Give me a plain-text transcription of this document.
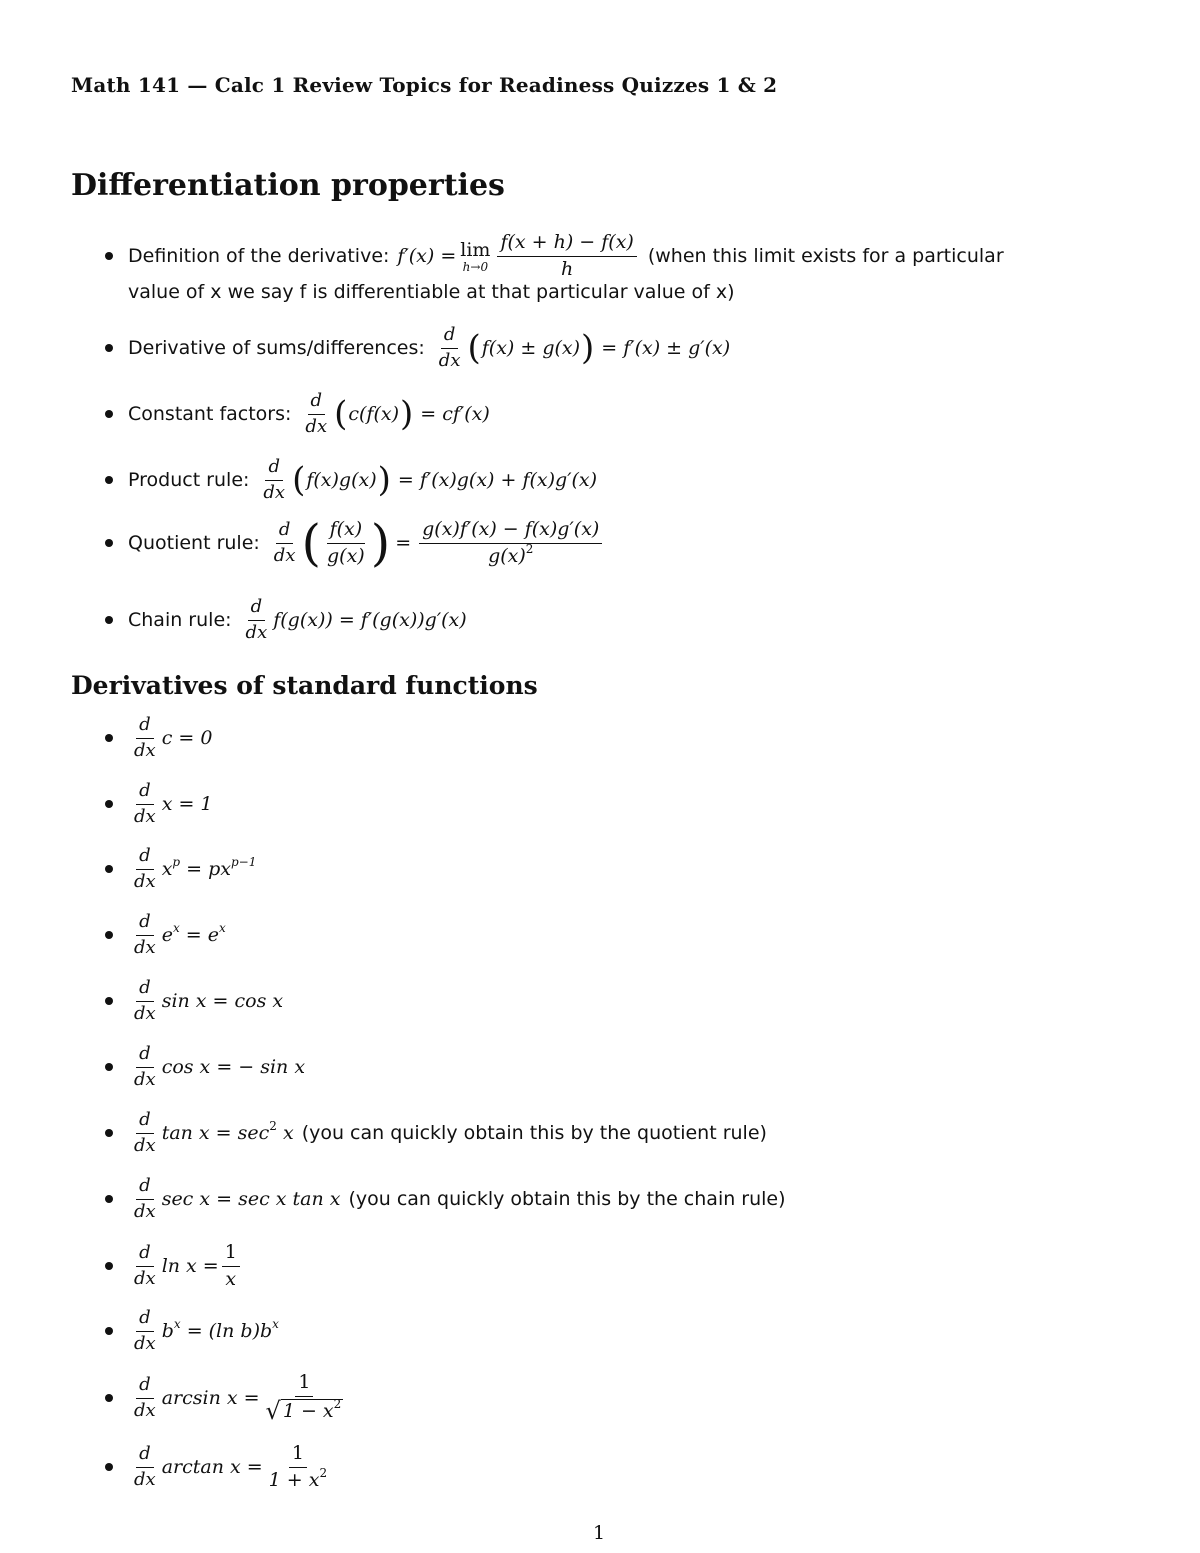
Math 141 — Calc 1 Review Topics for Readiness Quizzes 1 & 2
Differentiation properties
Definition of the derivative: f′(x) = lim
$h\to 0 \frac{f(x + h) - f(x)}{h}$ (when this limit exists for a particular
value of x we say f is differentiable at that particular value of x)
Derivative of sums/differences: $\frac{d}{dx}$ ( f(x) ± g(x) ) = f′(x) ± g′(x)
Constant factors: $\frac{d}{dx}$ ( c(f(x) ) = cf′(x)
Product rule: $\frac{d}{dx}$ ( f(x)g(x) ) = f′(x)g(x) + f(x)g′(x)
Quotient rule: $\frac{d}{dx}$ ( $\frac{f(x)}{g(x)}$ ) = $\frac{g(x)f'(x) - f(x)g'(x)}{g(x)^2}$
Chain rule: $\frac{d}{dx} f(g(x)) = f'(g(x))g'(x)$
Derivatives of standard functions
$\frac{d}{dx}$ c = 0
$\frac{d}{dx}$ x = 1
$\frac{d}{dx} x^p = px^{p-1}$
$\frac{d}{dx} e^x = e^x$
$\frac{d}{dx}$ sin x = cos x
$\frac{d}{dx}$ cos x = − sin x
$\frac{d}{dx}$ $\tan x = \sec^2 x$ (you can quickly obtain this by the quotient rule)
$\frac{d}{dx}$ sec x = sec x tan x (you can quickly obtain this by the chain rule)
$\frac{d}{dx}$ $\ln x = \frac{1}{x}$
$\frac{d}{dx} b^x = (\ln$ $b)b^x$
$\frac{d}{dx}$ $\arcsin x = \frac{1}{√ 1 - x^2}$
$\frac{d}{dx}$ $\arctan x = \frac{1}{1 + x^2}$
1
